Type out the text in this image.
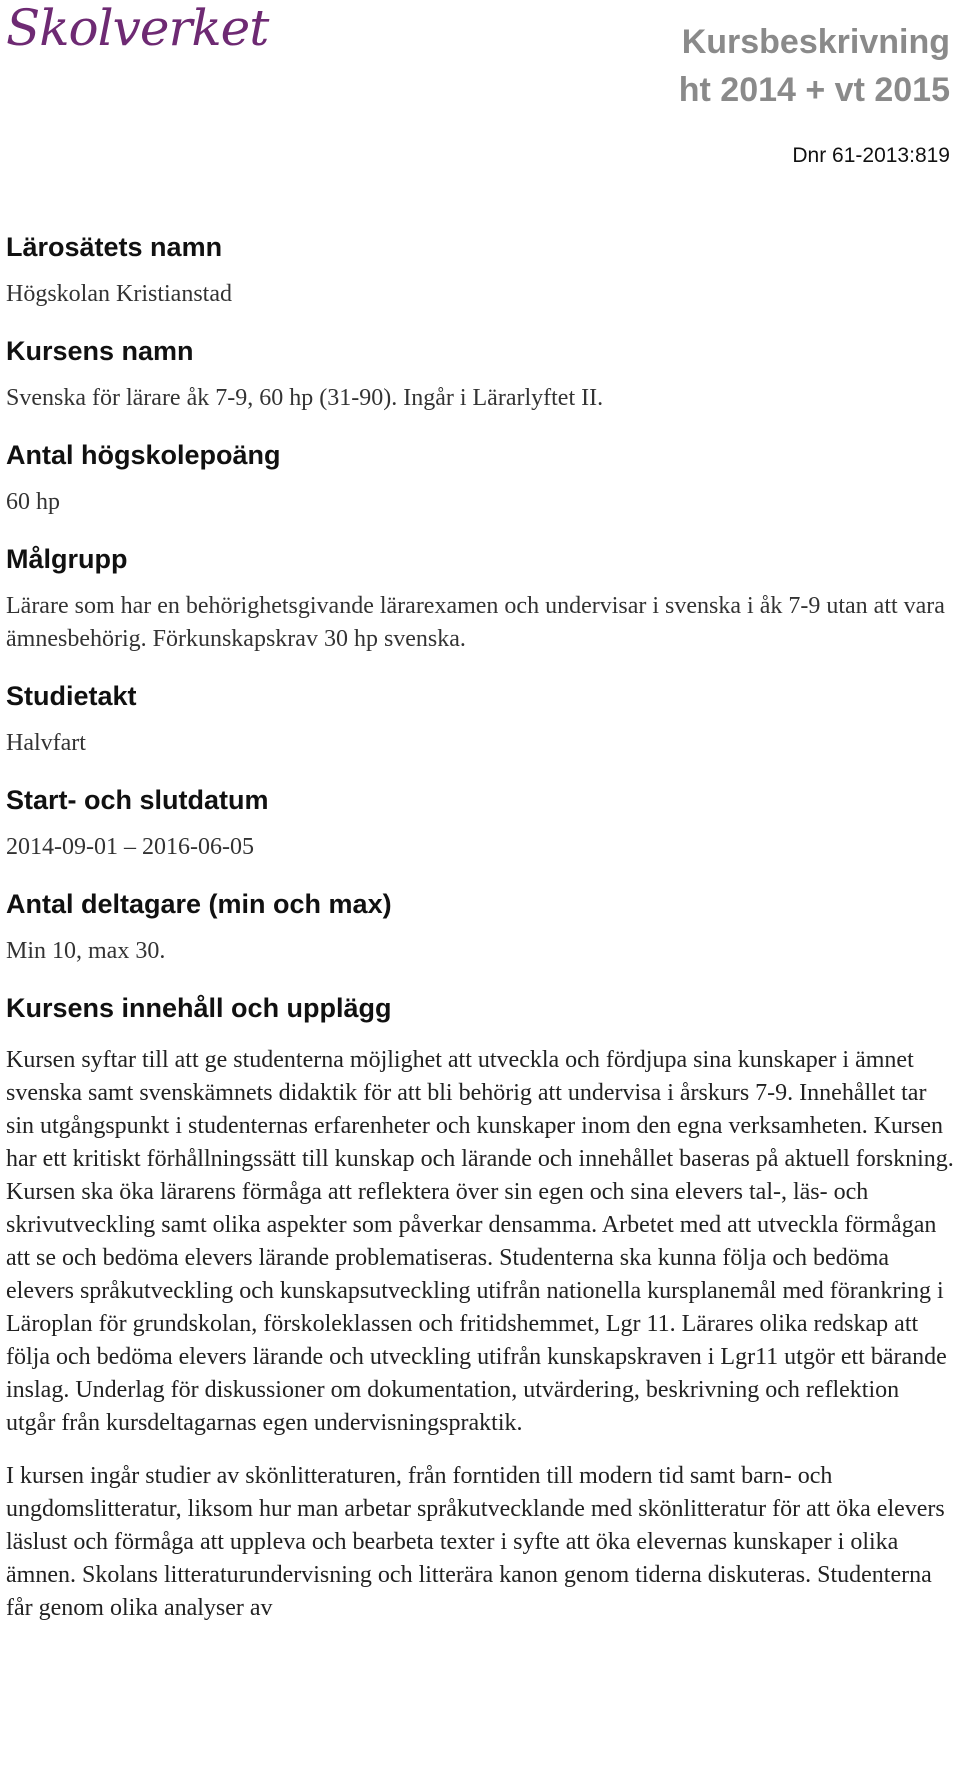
Skolverket	Kursbeskrivning

ht 2014 + vt 2015

Dnr 61-2013:819
Lärosätets namn
Högskolan Kristianstad
Kursens namn
Svenska för lärare åk 7-9, 60 hp (31-90). Ingår i Lärarlyftet II.
Antal högskolepoäng
60 hp
Målgrupp
Lärare som har en behörighetsgivande lärarexamen och undervisar i svenska i åk 7-9 utan att vara ämnesbehörig. Förkunskapskrav 30 hp svenska.
Studietakt
Halvfart
Start- och slutdatum
2014-09-01 – 2016-06-05
Antal deltagare (min och max)
Min 10, max 30.
Kursens innehåll och upplägg

Kursen syftar till att ge studenterna möjlighet att utveckla och fördjupa sina kunskaper i ämnet svenska samt svenskämnets didaktik för att bli behörig att undervisa i årskurs 7-9. Innehållet tar sin utgångspunkt i studenternas erfarenheter och kunskaper inom den egna verksamheten. Kursen har ett kritiskt förhållningssätt till kunskap och lärande och innehållet baseras på aktuell forskning. Kursen ska öka lärarens förmåga att reflektera över sin egen och sina elevers tal-, läs- och skrivutveckling samt olika aspekter som påverkar densamma. Arbetet med att utveckla förmågan att se och bedöma elevers lärande problematiseras. Studenterna ska kunna följa och bedöma elevers språkutveckling och kunskapsutveckling utifrån nationella kursplanemål med förankring i Läroplan för grundskolan, förskoleklassen och fritidshemmet, Lgr 11. Lärares olika redskap att följa och bedöma elevers lärande och utveckling utifrån kunskapskraven i Lgr11 utgör ett bärande inslag. Underlag för diskussioner om dokumentation, utvärdering, beskrivning och reflektion utgår från kursdeltagarnas egen undervisningspraktik.

I kursen ingår studier av skönlitteraturen, från forntiden till modern tid samt barn- och ungdomslitteratur, liksom hur man arbetar språkutvecklande med skönlitteratur för att öka elevers läslust och förmåga att uppleva och bearbeta texter i syfte att öka elevernas kunskaper i olika ämnen. Skolans litteraturundervisning och litterära kanon genom tiderna diskuteras. Studenterna får genom olika analyser av
